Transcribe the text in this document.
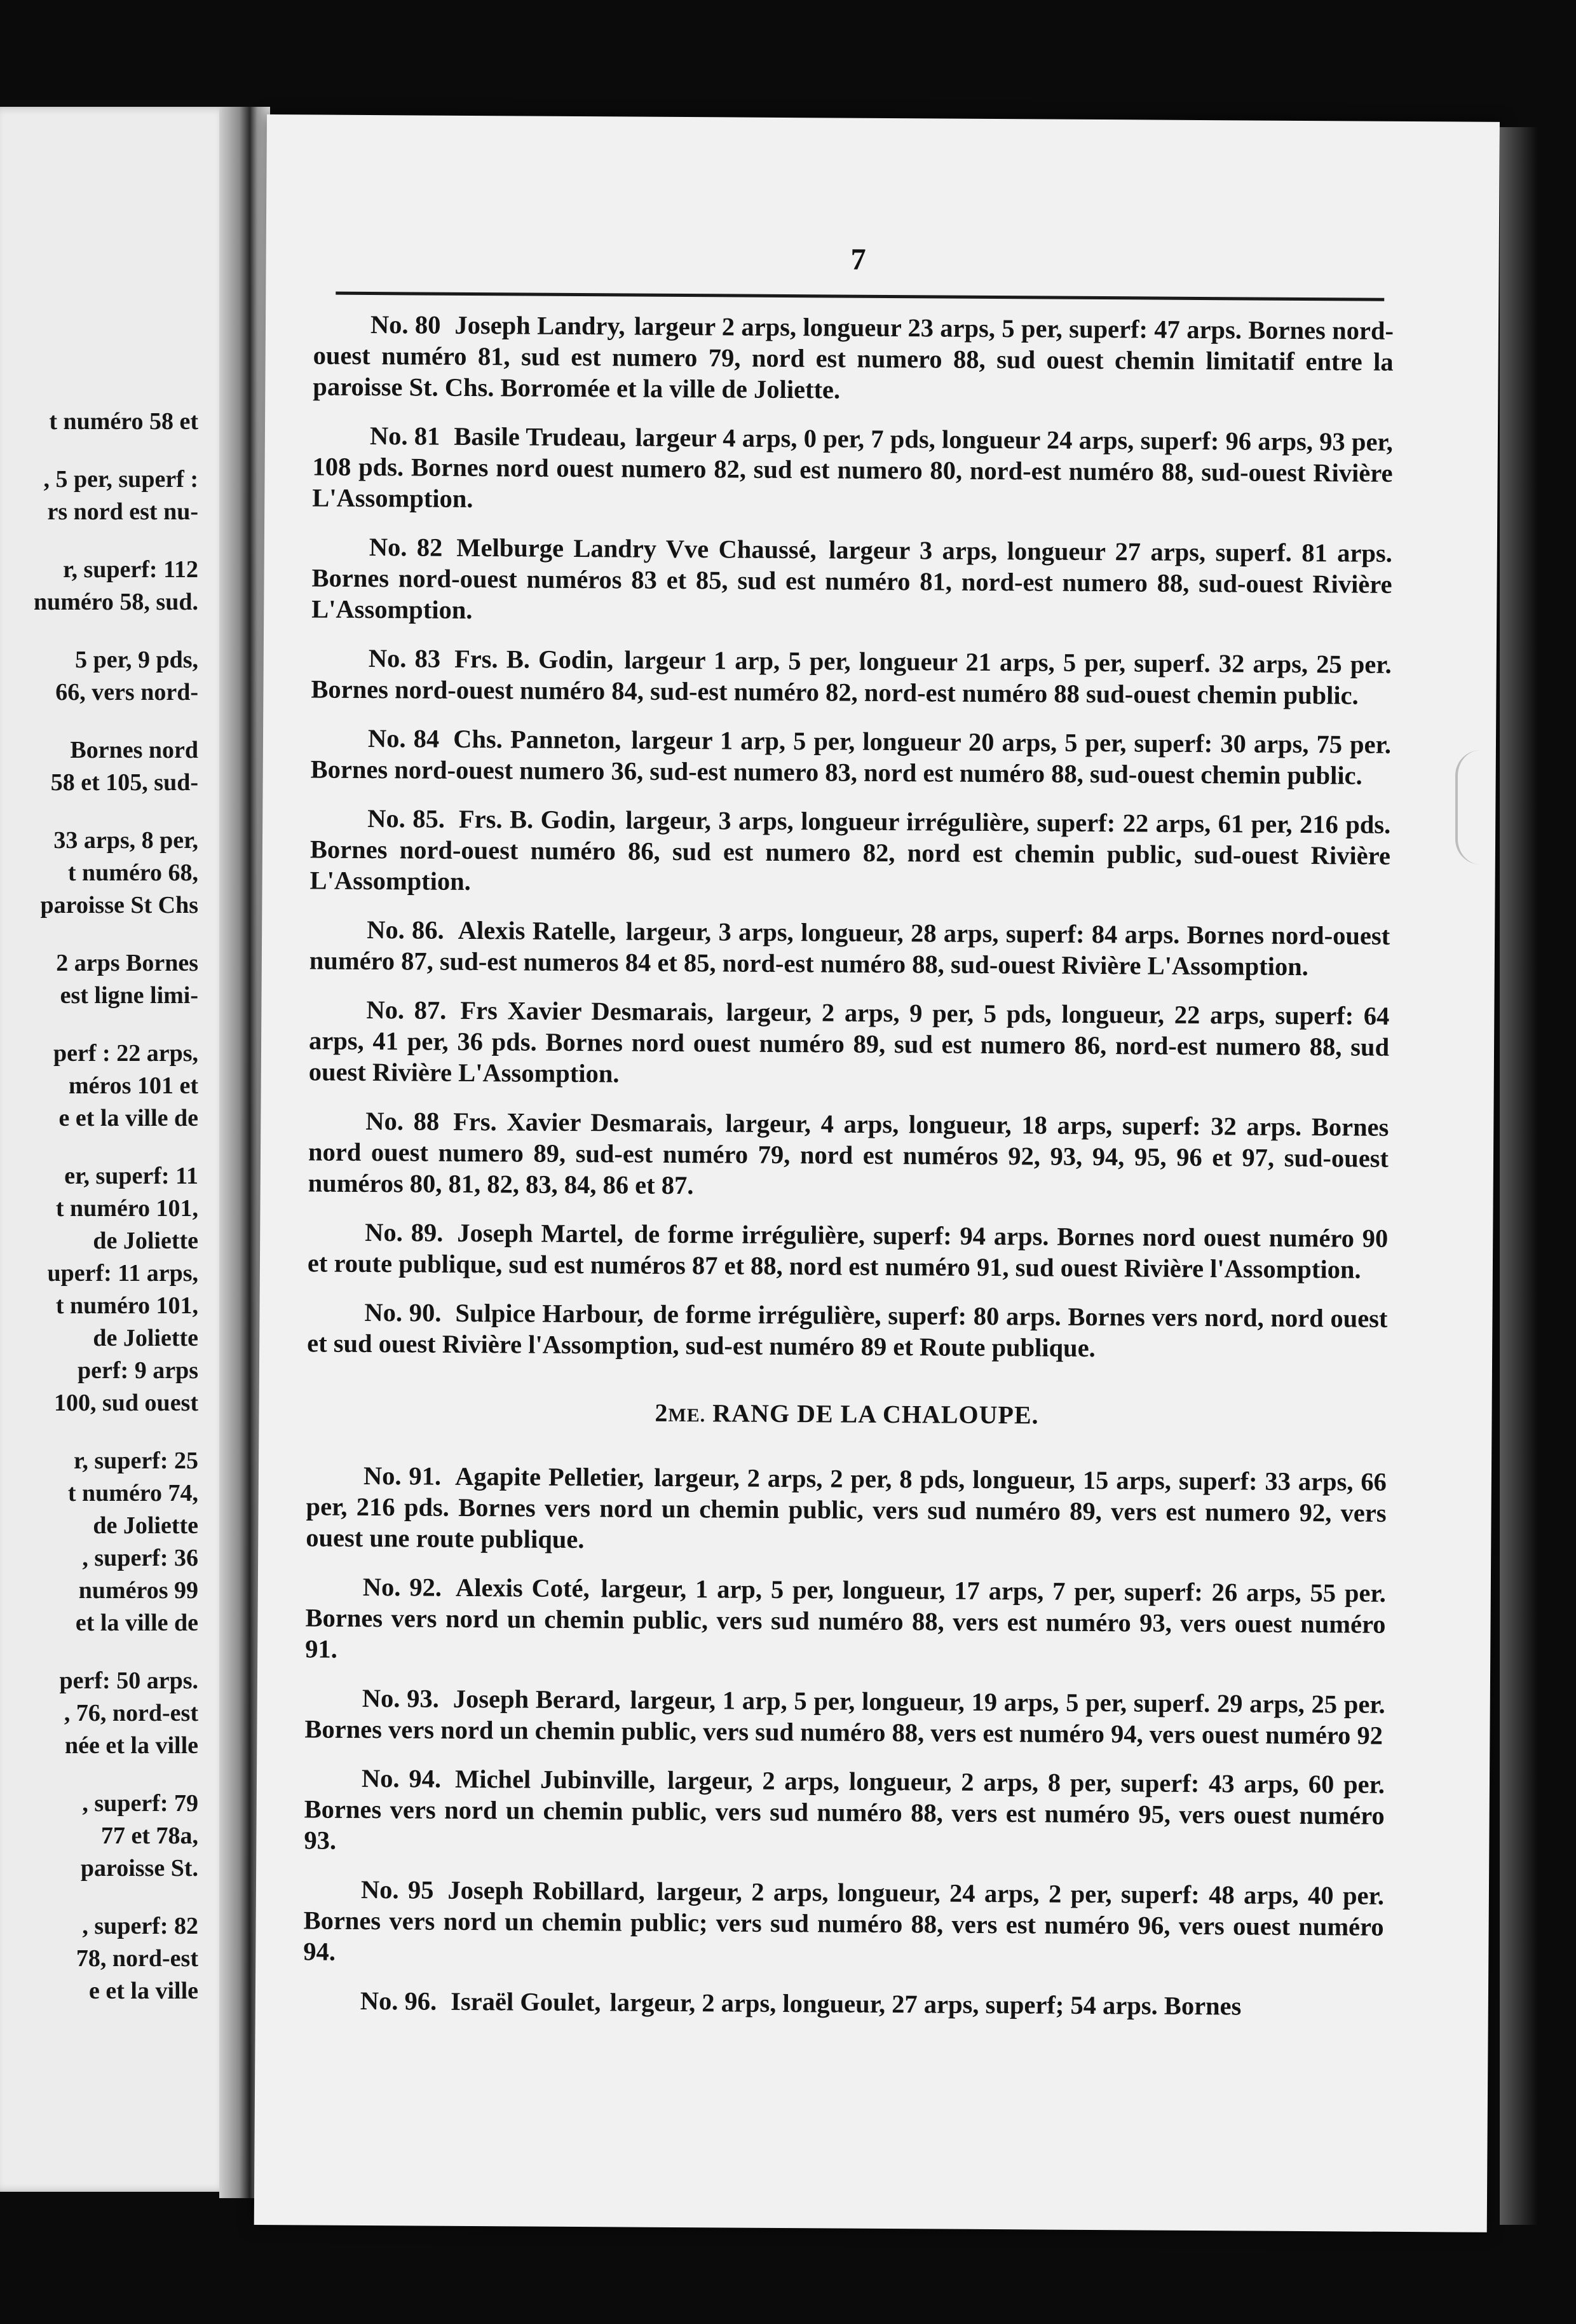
t numéro 58 et
, 5 per, superf :
rs nord est nu-
r, superf: 112
numéro 58, sud.
5 per, 9 pds,
66, vers nord-
Bornes nord
58 et 105, sud-
33 arps, 8 per,
t numéro 68,
paroisse St Chs
2 arps Bornes
est ligne limi-
perf : 22 arps,
méros 101 et
e et la ville de
er, superf: 11
t numéro 101,
de Joliette
uperf: 11 arps,
t numéro 101,
de Joliette
perf: 9 arps
100, sud ouest
r, superf: 25
t numéro 74,
de Joliette
, superf: 36
numéros 99
et la ville de
perf: 50 arps.
, 76, nord-est
née et la ville
, superf: 79
77 et 78a,
paroisse St.
, superf: 82
78, nord-est
e et la ville
7

No. 80 Joseph Landry, largeur 2 arps, longueur 23 arps, 5 per, superf: 47 arps. Bornes nord-ouest numéro 81, sud est numero 79, nord est numero 88, sud ouest chemin limitatif entre la paroisse St. Chs. Borromée et la ville de Joliette.

No. 81 Basile Trudeau, largeur 4 arps, 0 per, 7 pds, longueur 24 arps, superf: 96 arps, 93 per, 108 pds. Bornes nord ouest numero 82, sud est numero 80, nord-est numéro 88, sud-ouest Rivière L'Assomption.

No. 82 Melburge Landry Vve Chaussé, largeur 3 arps, longueur 27 arps, superf. 81 arps. Bornes nord-ouest numéros 83 et 85, sud est numéro 81, nord-est numero 88, sud-ouest Rivière L'Assomption.

No. 83 Frs. B. Godin, largeur 1 arp, 5 per, longueur 21 arps, 5 per, superf. 32 arps, 25 per. Bornes nord-ouest numéro 84, sud-est numéro 82, nord-est numéro 88 sud-ouest chemin public.

No. 84 Chs. Panneton, largeur 1 arp, 5 per, longueur 20 arps, 5 per, superf: 30 arps, 75 per. Bornes nord-ouest numero 36, sud-est numero 83, nord est numéro 88, sud-ouest chemin public.

No. 85. Frs. B. Godin, largeur, 3 arps, longueur irrégulière, superf: 22 arps, 61 per, 216 pds. Bornes nord-ouest numéro 86, sud est numero 82, nord est chemin public, sud-ouest Rivière L'Assomption.

No. 86. Alexis Ratelle, largeur, 3 arps, longueur, 28 arps, superf: 84 arps. Bornes nord-ouest numéro 87, sud-est numeros 84 et 85, nord-est numéro 88, sud-ouest Rivière L'Assomption.

No. 87. Frs Xavier Desmarais, largeur, 2 arps, 9 per, 5 pds, longueur, 22 arps, superf: 64 arps, 41 per, 36 pds. Bornes nord ouest numéro 89, sud est numero 86, nord-est numero 88, sud ouest Rivière L'Assomption.

No. 88 Frs. Xavier Desmarais, largeur, 4 arps, longueur, 18 arps, superf: 32 arps. Bornes nord ouest numero 89, sud-est numéro 79, nord est numéros 92, 93, 94, 95, 96 et 97, sud-ouest numéros 80, 81, 82, 83, 84, 86 et 87.

No. 89. Joseph Martel, de forme irrégulière, superf: 94 arps. Bornes nord ouest numéro 90 et route publique, sud est numéros 87 et 88, nord est numéro 91, sud ouest Rivière l'Assomption.

No. 90. Sulpice Harbour, de forme irrégulière, superf: 80 arps. Bornes vers nord, nord ouest et sud ouest Rivière l'Assomption, sud-est numéro 89 et Route publique.

2ME. RANG DE LA CHALOUPE.

No. 91. Agapite Pelletier, largeur, 2 arps, 2 per, 8 pds, longueur, 15 arps, superf: 33 arps, 66 per, 216 pds. Bornes vers nord un chemin public, vers sud numéro 89, vers est numero 92, vers ouest une route publique.

No. 92. Alexis Coté, largeur, 1 arp, 5 per, longueur, 17 arps, 7 per, superf: 26 arps, 55 per. Bornes vers nord un chemin public, vers sud numéro 88, vers est numéro 93, vers ouest numéro 91.

No. 93. Joseph Berard, largeur, 1 arp, 5 per, longueur, 19 arps, 5 per, superf. 29 arps, 25 per. Bornes vers nord un chemin public, vers sud numéro 88, vers est numéro 94, vers ouest numéro 92

No. 94. Michel Jubinville, largeur, 2 arps, longueur, 2 arps, 8 per, superf: 43 arps, 60 per. Bornes vers nord un chemin public, vers sud numéro 88, vers est numéro 95, vers ouest numéro 93.

No. 95 Joseph Robillard, largeur, 2 arps, longueur, 24 arps, 2 per, superf: 48 arps, 40 per. Bornes vers nord un chemin public; vers sud numéro 88, vers est numéro 96, vers ouest numéro 94.

No. 96. Israël Goulet, largeur, 2 arps, longueur, 27 arps, superf; 54 arps. Bornes
